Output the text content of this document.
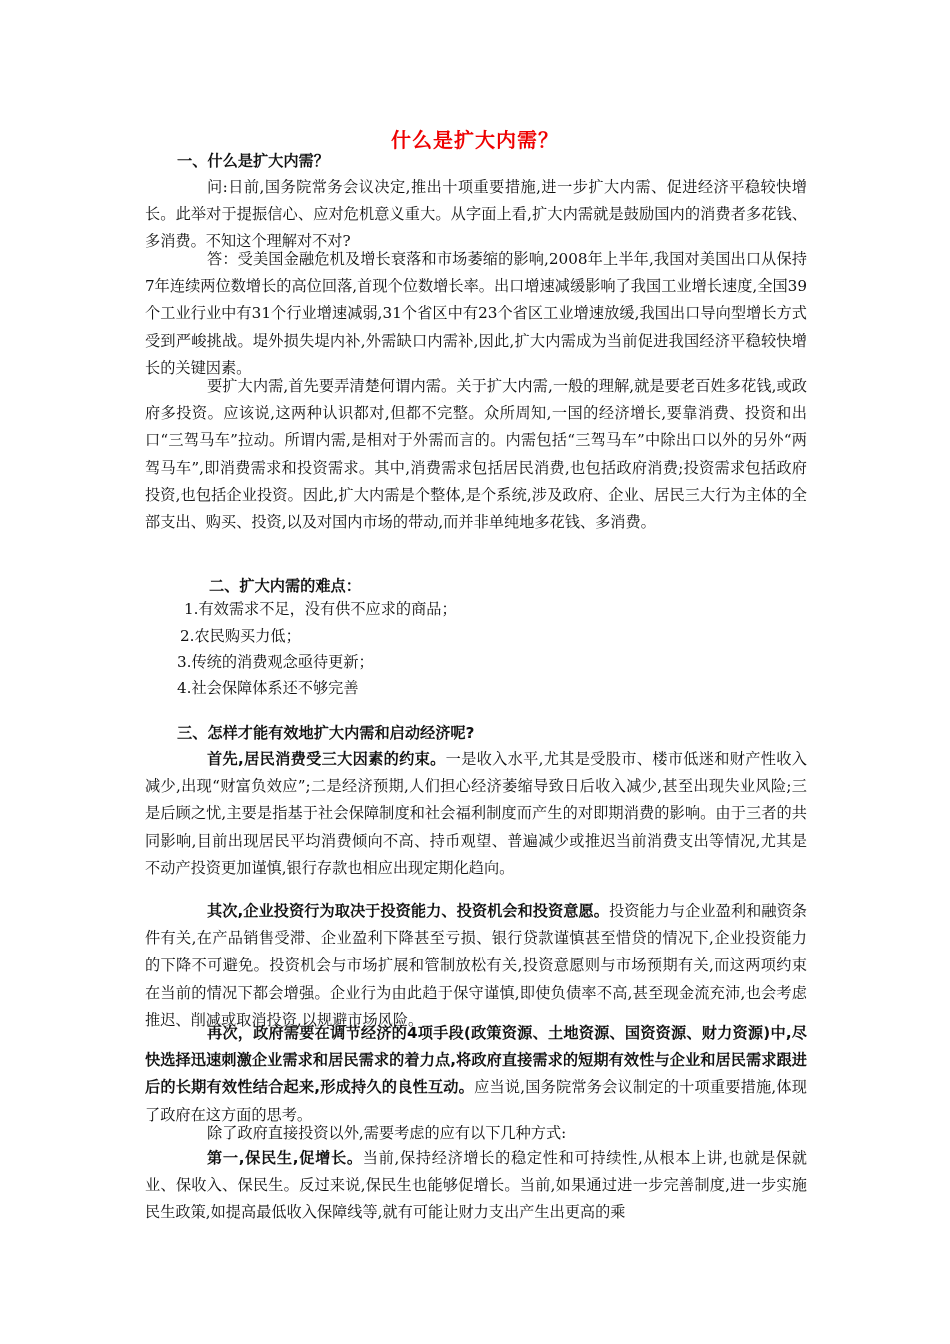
什么是扩大内需？
一、什么是扩大内需？
问:日前,国务院常务会议决定,推出十项重要措施,进一步扩大内需、促进经济平稳较快增长。此举对于提振信心、应对危机意义重大。从字面上看,扩大内需就是鼓励国内的消费者多花钱、多消费。不知这个理解对不对?
答：受美国金融危机及增长衰落和市场萎缩的影响,2008年上半年,我国对美国出口从保持7年连续两位数增长的高位回落,首现个位数增长率。出口增速减缓影响了我国工业增长速度,全国39个工业行业中有31个行业增速减弱,31个省区中有23个省区工业增速放缓,我国出口导向型增长方式受到严峻挑战。堤外损失堤内补,外需缺口内需补,因此,扩大内需成为当前促进我国经济平稳较快增长的关键因素。
要扩大内需,首先要弄清楚何谓内需。关于扩大内需,一般的理解,就是要老百姓多花钱,或政府多投资。应该说,这两种认识都对,但都不完整。众所周知,一国的经济增长,要靠消费、投资和出口“三驾马车”拉动。所谓内需,是相对于外需而言的。内需包括“三驾马车”中除出口以外的另外“两驾马车”,即消费需求和投资需求。其中,消费需求包括居民消费,也包括政府消费;投资需求包括政府投资,也包括企业投资。因此,扩大内需是个整体,是个系统,涉及政府、企业、居民三大行为主体的全部支出、购买、投资,以及对国内市场的带动,而并非单纯地多花钱、多消费。
二、扩大内需的难点：
1.有效需求不足，没有供不应求的商品；
2.农民购买力低；
3.传统的消费观念亟待更新；
4.社会保障体系还不够完善
三、怎样才能有效地扩大内需和启动经济呢?
首先,居民消费受三大因素的约束。一是收入水平,尤其是受股市、楼市低迷和财产性收入减少,出现“财富负效应”;二是经济预期,人们担心经济萎缩导致日后收入减少,甚至出现失业风险;三是后顾之忧,主要是指基于社会保障制度和社会福利制度而产生的对即期消费的影响。由于三者的共同影响,目前出现居民平均消费倾向不高、持币观望、普遍减少或推迟当前消费支出等情况,尤其是不动产投资更加谨慎,银行存款也相应出现定期化趋向。
其次,企业投资行为取决于投资能力、投资机会和投资意愿。投资能力与企业盈利和融资条件有关,在产品销售受滞、企业盈利下降甚至亏损、银行贷款谨慎甚至惜贷的情况下,企业投资能力的下降不可避免。投资机会与市场扩展和管制放松有关,投资意愿则与市场预期有关,而这两项约束在当前的情况下都会增强。企业行为由此趋于保守谨慎,即使负债率不高,甚至现金流充沛,也会考虑推迟、削减或取消投资,以规避市场风险。
再次，政府需要在调节经济的4项手段(政策资源、土地资源、国资资源、财力资源)中,尽快选择迅速刺激企业需求和居民需求的着力点,将政府直接需求的短期有效性与企业和居民需求跟进后的长期有效性结合起来,形成持久的良性互动。应当说,国务院常务会议制定的十项重要措施,体现了政府在这方面的思考。
除了政府直接投资以外,需要考虑的应有以下几种方式:
第一,保民生,促增长。当前,保持经济增长的稳定性和可持续性,从根本上讲,也就是保就业、保收入、保民生。反过来说,保民生也能够促增长。当前,如果通过进一步完善制度,进一步实施民生政策,如提高最低收入保障线等,就有可能让财力支出产生出更高的乘
